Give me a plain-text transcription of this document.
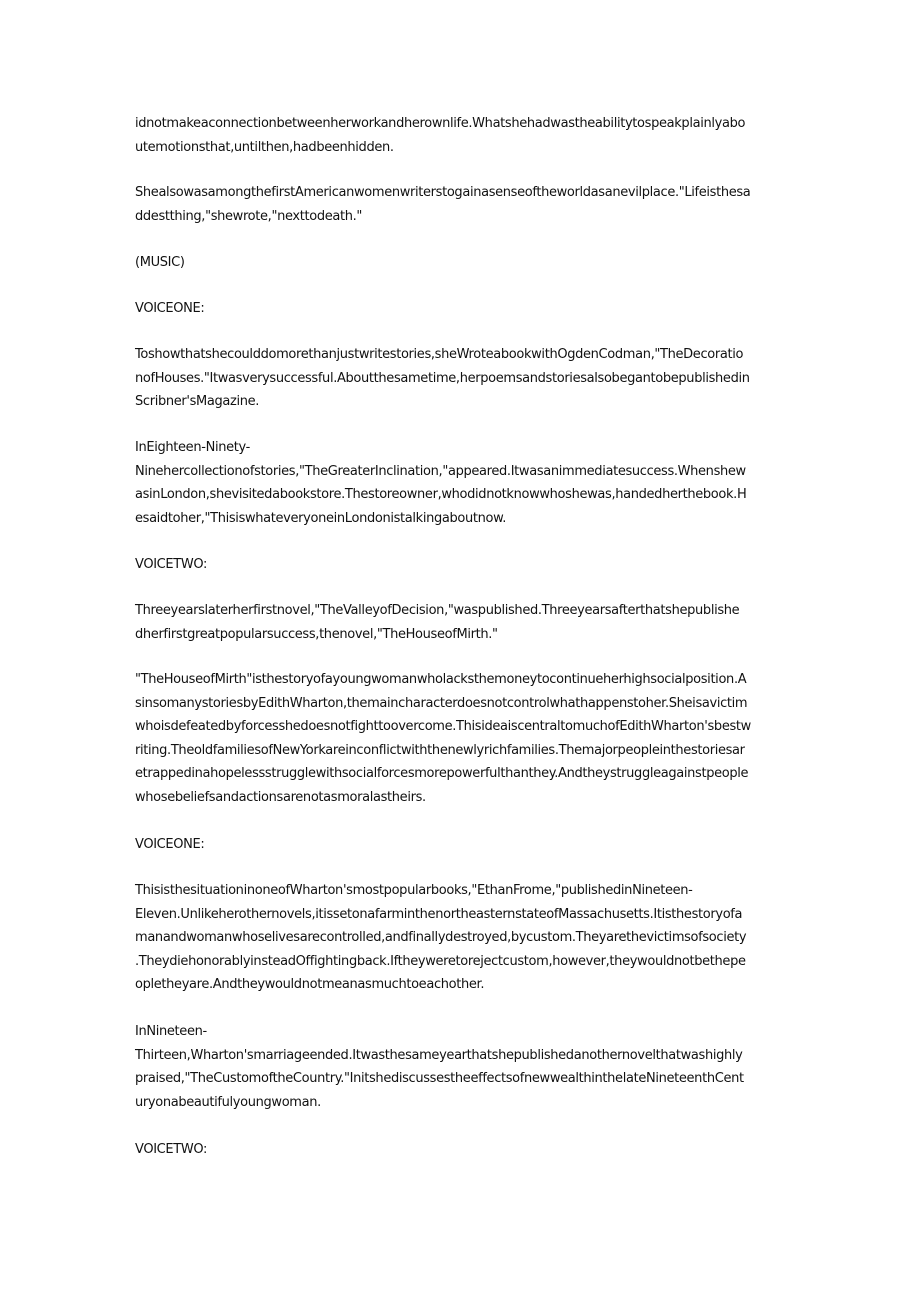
idnotmakeaconnectionbetweenherworkandherownlife.Whatshehadwastheabilitytospeakplainlyabo
utemotionsthat‚untilthen,hadbeenhidden.
ShealsowasamongthefirstAmericanwomenwriterstogainasenseoftheworldasanevilplace."Lifeisthesa
ddestthing,"shewrote,"nexttodeath."
(MUSIC)
VOICEONE:
Toshowthatshecoulddomorethanjustwritestories,sheWroteabookwithOgdenCodman‚"TheDecoratio
nofHouses."Itwasverysuccessful.Aboutthesametime,herpoemsandstoriesalsobegantobepublishedin
Scribner'sMagazine.
InEighteen-Ninety-
Ninehercollectionofstories,"TheGreaterInclination,"appeared.Itwasanimmediatesuccess.Whenshew
asinLondon,shevisitedabookstore.Thestoreowner,whodidnotknowwhoshewas,handedherthebook.H
esaidtoher,"ThisiswhateveryoneinLondonistalkingaboutnow.
VOICETWO:
Threeyearslaterherfirstnovel,"TheValleyofDecision,"waspublished.Threeyearsafterthatshepublishe
dherfirstgreatpopularsuccess,thenovel,"TheHouseofMirth."
"TheHouseofMirth"isthestoryofayoungwomanwholacksthemoneytocontinueherhighsocialposition.A
sinsomanystoriesbyEdithWharton,themaincharacterdoesnotcontrolwhathappenstoher.Sheisavictim
whoisdefeatedbyforcesshedoesnotfighttoovercome.ThisideaiscentraltomuchofEdithWharton'sbestw
riting.TheoldfamiliesofNewYorkareinconflictwiththenewlyrichfamilies.Themajorpeopleinthestoriesar
etrappedinahopelessstrugglewithsocialforcesmorepowerfulthanthey.Andtheystruggleagainstpeople
whosebeliefsandactionsarenotasmoralastheirs.
VOICEONE:
ThisisthesituationinoneofWharton'smostpopularbooks,"EthanFrome‚"publishedinNineteen-
Eleven.Unlikeherothernovels,itissetonafarminthenortheasternstateofMassachusetts.Itisthestoryofa
manandwomanwhoselivesarecontrolled,andfinallydestroyed,bycustom.Theyarethevictimsofsociety
.TheydiehonorablyinsteadOffightingback.Iftheyweretorejectcustom,however,theywouldnotbethepe
opletheyare.Andtheywouldnotmeanasmuchtoeachother.
InNineteen-
Thirteen,Wharton'smarriageended.Itwasthesameyearthatshepublishedanothernovelthatwashighly
praised,"TheCustomoftheCountry."InitshediscussestheeffectsofnewwealthinthelateNineteenthCent
uryonabeautifulyoungwoman.
VOICETWO:
